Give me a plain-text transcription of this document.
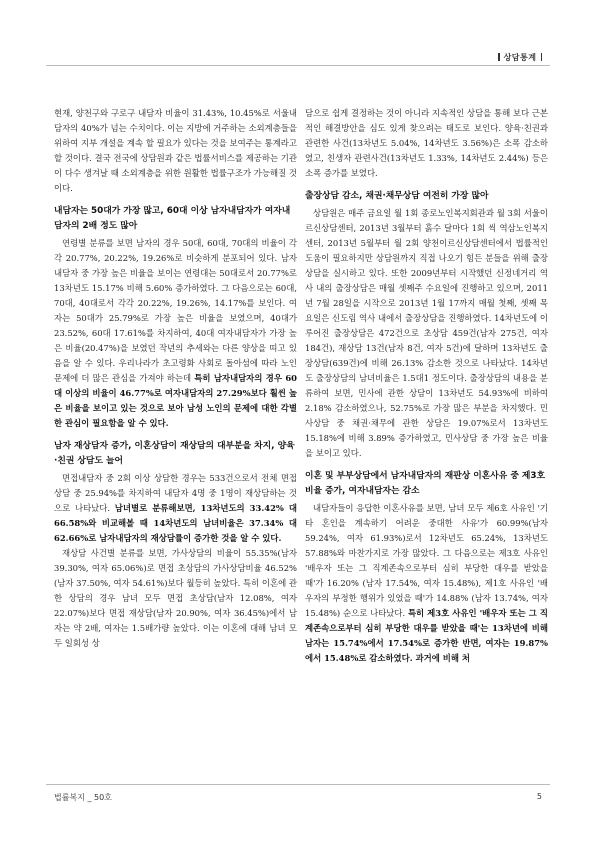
상담통계

현재, 양천구와 구로구 내담자 비율이 31.43%, 10.45%로 서울내담자의 40%가 넘는 수치이다. 이는 지방에 거주하는 소외계층들을 위하여 지부 개설을 계속 할 필요가 있다는 것을 보여주는 통계라고 할 것이다. 결국 전국에 상담원과 같은 법률서비스를 제공하는 기관이 다수 생겨날 때 소외계층을 위한 원활한 법률구조가 가능해질 것이다.

내담자는 50대가 가장 많고, 60대 이상 남자내담자가 여자내담자의 2배 정도 많아

연령별 분류를 보면 남자의 경우 50대, 60대, 70대의 비율이 각각 20.77%, 20.22%, 19.26%로 비슷하게 분포되어 있다. 남자내담자 중 가장 높은 비율을 보이는 연령대는 50대로서 20.77%로 13차년도 15.17% 비해 5.60% 증가하였다. 그 다음으로는 60대, 70대, 40대로서 각각 20.22%, 19.26%, 14.17%를 보인다. 여자는 50대가 25.79%로 가장 높은 비율을 보였으며, 40대가 23.52%, 60대 17.61%를 차지하여, 40대 여자내담자가 가장 높은 비율(20.47%)을 보였던 작년의 추세와는 다른 양상을 띠고 있음을 알 수 있다. 우리나라가 초고령화 사회로 돌아섬에 따라 노인문제에 더 많은 관심을 가져야 하는데 특히 남자내담자의 경우 60대 이상의 비율이 46.77%로 여자내담자의 27.29%보다 훨씬 높은 비율을 보이고 있는 것으로 보아 남성 노인의 문제에 대한 각별한 관심이 필요함을 알 수 있다.

남자 재상담자 증가, 이혼상담이 재상담의 대부분을 차지, 양육·친권 상담도 늘어

면접내담자 중 2회 이상 상담한 경우는 533건으로서 전체 면접상담 중 25.94%를 차지하여 내담자 4명 중 1명이 재상담하는 것으로 나타났다. 남녀별로 분류해보면, 13차년도의 33.42% 대 66.58%와 비교해볼 때 14차년도의 남녀비율은 37.34% 대 62.66%로 남자내담자의 재상담률이 증가한 것을 알 수 있다.

재상담 사건별 분류를 보면, 가사상담의 비율이 55.35%(남자 39.30%, 여자 65.06%)로 면접 초상담의 가사상담비율 46.52%(남자 37.50%, 여자 54.61%)보다 월등히 높았다. 특히 이혼에 관한 상담의 경우 남녀 모두 면접 초상담(남자 12.08%, 여자 22.07%)보다 면접 재상담(남자 20.90%, 여자 36.45%)에서 남자는 약 2배, 여자는 1.5배가량 높았다. 이는 이혼에 대해 남녀 모두 일회성 상

담으로 쉽게 결정하는 것이 아니라 지속적인 상담을 통해 보다 근본적인 해결방안을 심도 있게 찾으려는 태도로 보인다. 양육·친권과 관련한 사건(13차년도 5.04%, 14차년도 3.56%)은 소폭 감소하였고, 친생자 관련사건(13차년도 1.33%, 14차년도 2.44%) 등은 소폭 증가를 보였다.

출장상담 감소, 채권·채무상담 여전히 가장 많아

상담원은 매주 금요일 월 1회 종로노인복지회관과 월 3회 서울이르신상담센터, 2013년 3월부터 흙수 달마다 1회 씩 역삼노인복지센터, 2013년 5월부터 월 2회 양천이르신상담센터에서 법률적인 도움이 필요하지만 상담원까지 직접 나오기 힘든 분들을 위해 출장상담을 실시하고 있다. 또한 2009년부터 시작했던 신정네거리 역사 내의 출장상담은 매월 셋째주 수요일에 진행하고 있으며, 2011년 7월 28일을 시작으로 2013년 1월 17까지 매월 첫째, 셋째 목요일은 신도림 역사 내에서 출장상담을 진행하였다. 14차년도에 이루어진 출장상담은 472건으로 초상담 459건(남자 275건, 여자 184건), 재상담 13건(남자 8건, 여자 5건)에 달하며 13차년도 출장상담(639건)에 비해 26.13% 감소한 것으로 나타났다. 14차년도 출장상담의 남녀비율은 1.5대1 정도이다. 출장상담의 내용을 분류하여 보면, 민사에 관한 상담이 13차년도 54.93%에 비하여 2.18% 감소하였으나, 52.75%로 가장 많은 부분을 차지했다. 민사상담 중 채권·채무에 관한 상담은 19.07%로서 13차년도 15.18%에 비해 3.89% 증가하였고, 민사상담 중 가장 높은 비율을 보이고 있다.

이혼 및 부부상담에서 남자내담자의 재판상 이혼사유 중 제3호 비율 증가, 여자내담자는 감소

내담자들이 응답한 이혼사유를 보면, 남녀 모두 제6호 사유인 '기타 혼인을 계속하기 어려운 중대한 사유'가 60.99%(남자 59.24%, 여자 61.93%)로서 12차년도 65.24%, 13차년도 57.88%와 마찬가지로 가장 많았다. 그 다음으로는 제3호 사유인 '배우자 또는 그 직계존속으로부터 심히 부당한 대우를 받았을 때'가 16.20% (남자 17.54%, 여자 15.48%), 제1호 사유인 '배우자의 부정한 행위가 있었을 때'가 14.88% (남자 13.74%, 여자 15.48%) 순으로 나타났다. 특히 제3호 사유인 '배우자 또는 그 직계존속으로부터 심히 부당한 대우를 받았을 때'는 13차년에 비해 남자는 15.74%에서 17.54%로 증가한 반면, 여자는 19.87%에서 15.48%로 감소하였다. 과거에 비해 처

법률복지 _ 50호	5
